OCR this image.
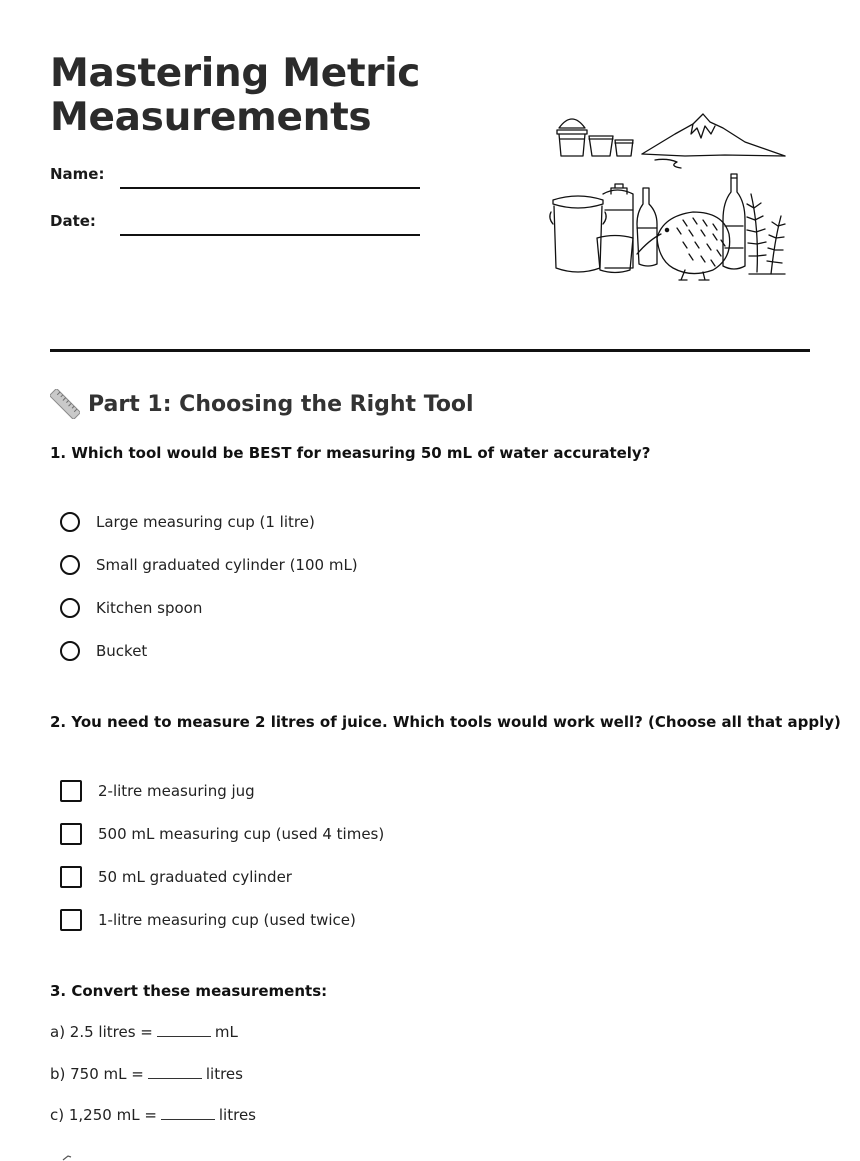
Mastering Metric Measurements
Name:
Date:
Part 1: Choosing the Right Tool
1. Which tool would be BEST for measuring 50 mL of water accurately?
Large measuring cup (1 litre)
Small graduated cylinder (100 mL)
Kitchen spoon
Bucket
2. You need to measure 2 litres of juice. Which tools would work well? (Choose all that apply)
2-litre measuring jug
500 mL measuring cup (used 4 times)
50 mL graduated cylinder
1-litre measuring cup (used twice)
3. Convert these measurements:
a) 2.5 litres =	mL
b) 750 mL =	litres
c) 1,250 mL =	litres
